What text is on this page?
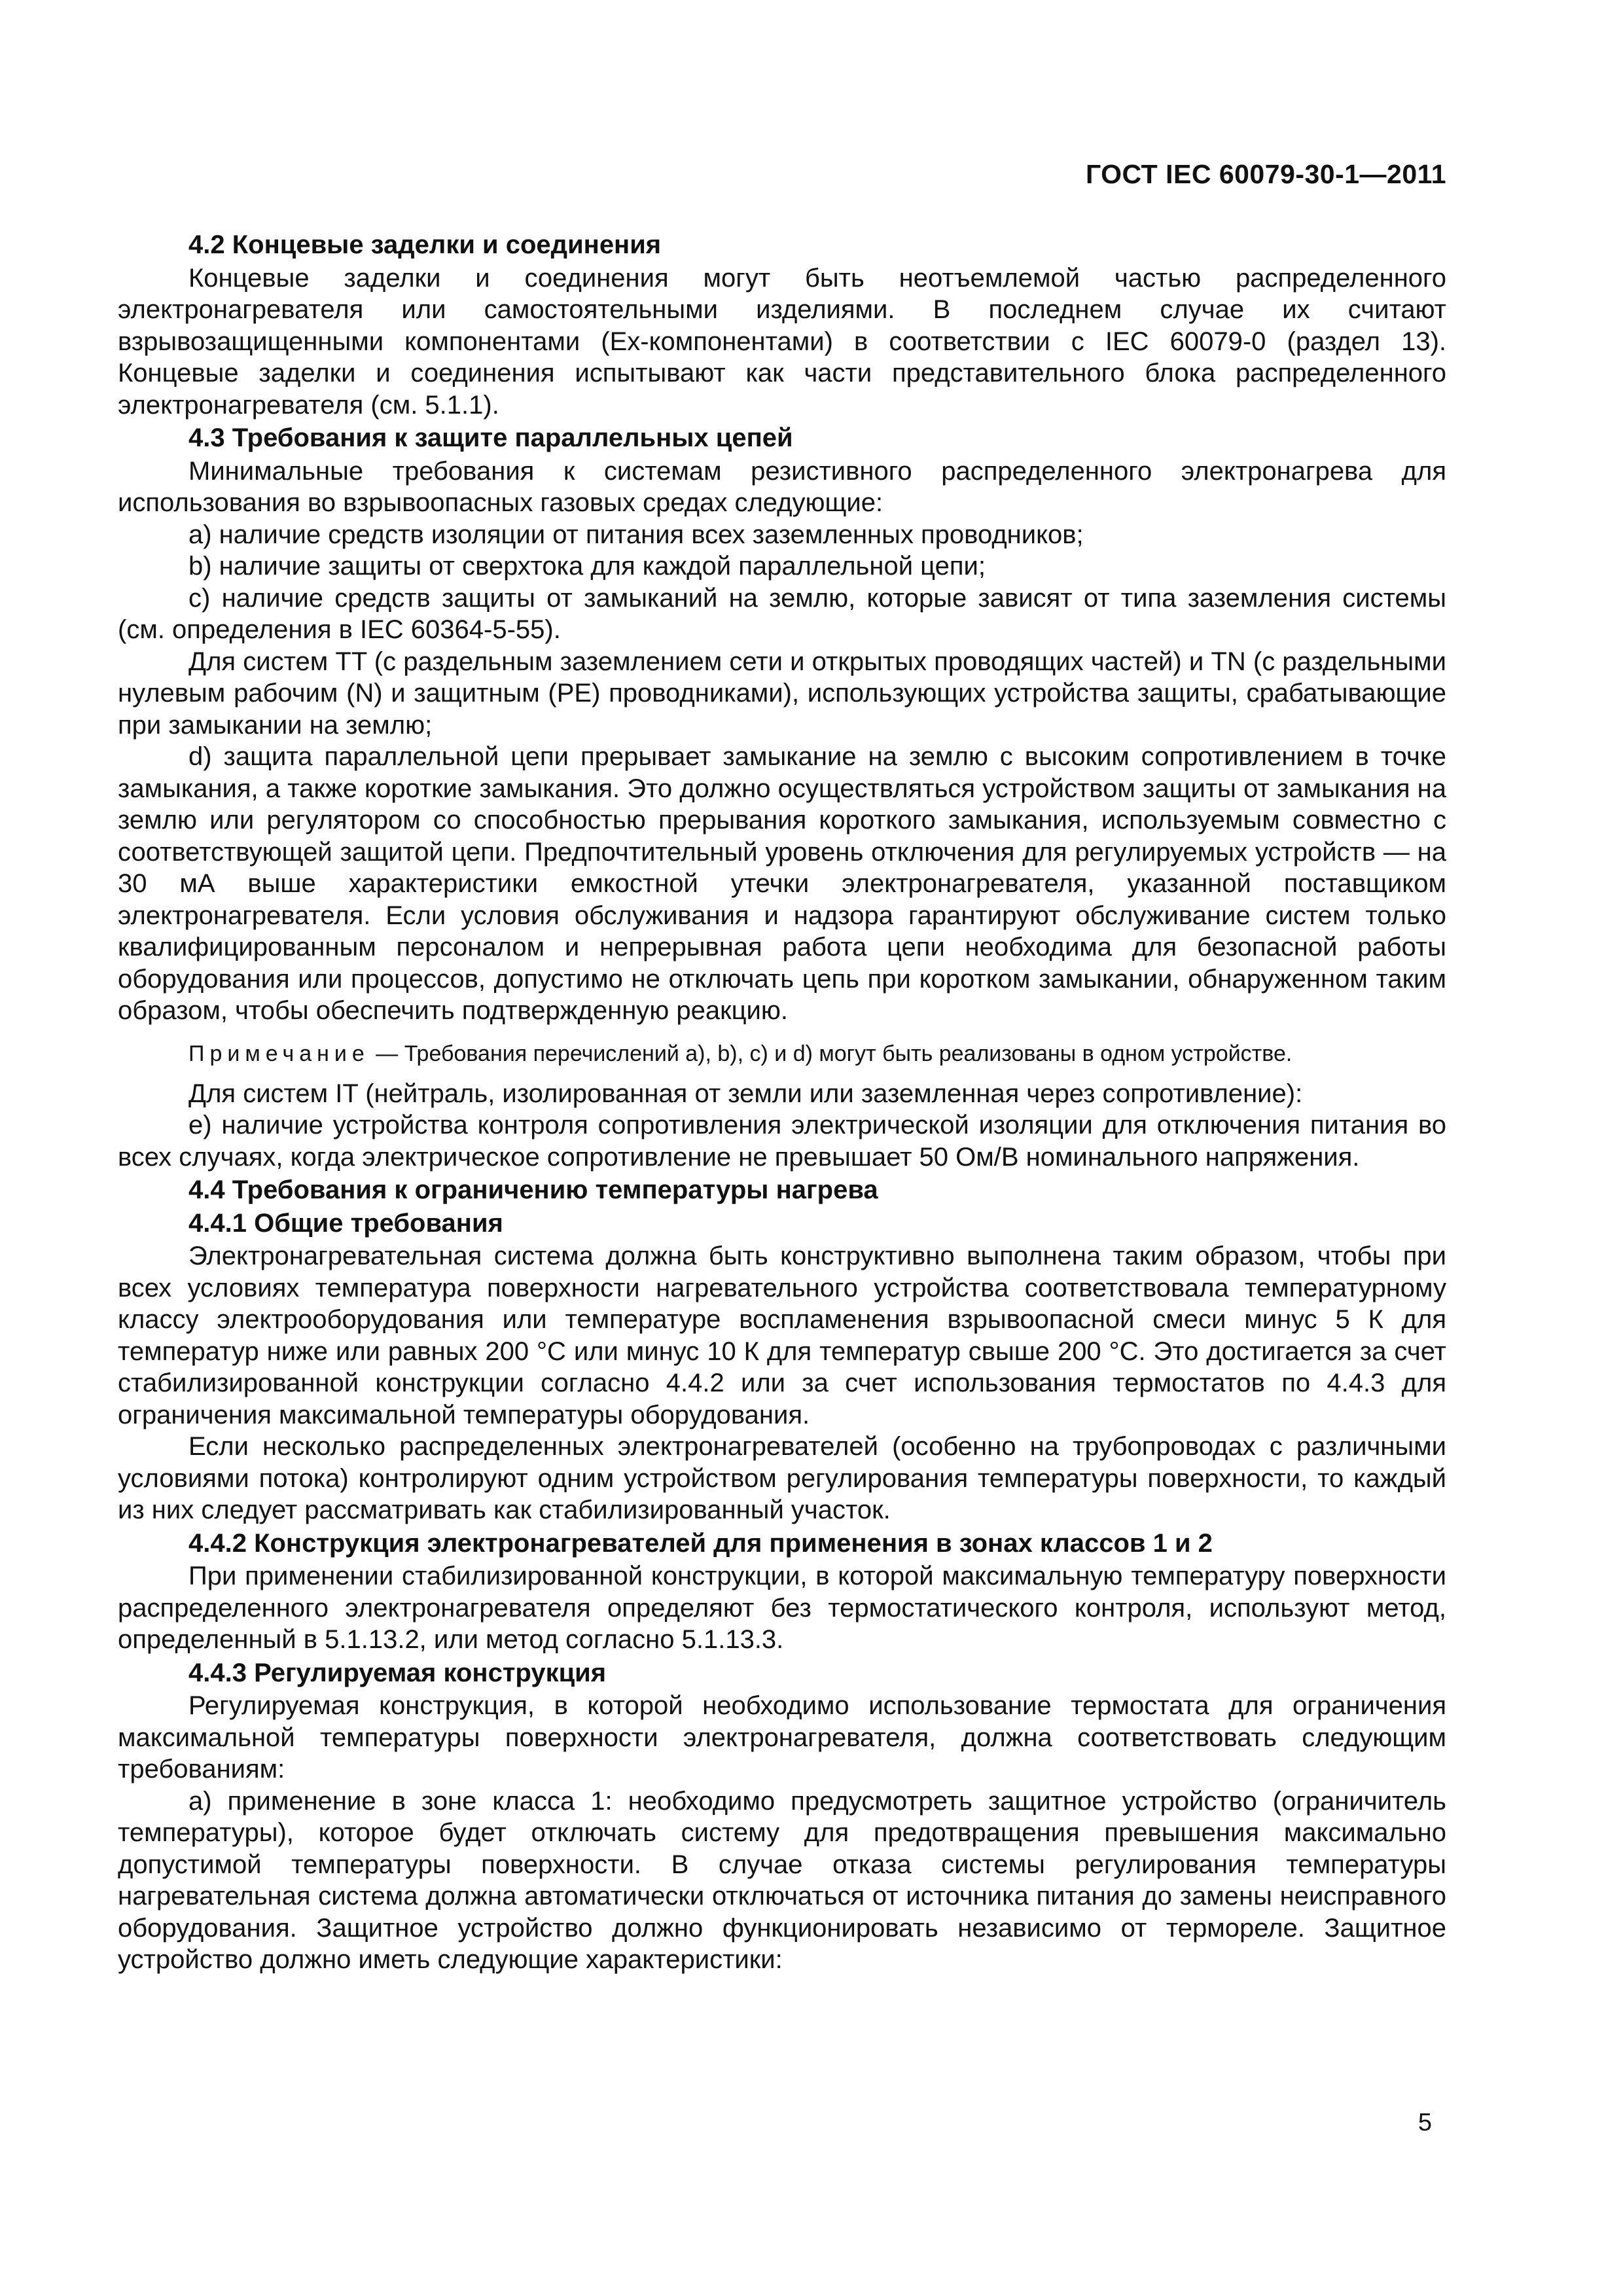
ГОСТ IEC 60079-30-1—2011

4.2 Концевые заделки и соединения

Концевые заделки и соединения могут быть неотъемлемой частью распределенного электронагревателя или самостоятельными изделиями. В последнем случае их считают взрывозащищенными компонентами (Ex-компонентами) в соответствии с IEC 60079-0 (раздел 13). Концевые заделки и соединения испытывают как части представительного блока распределенного электронагревателя (см. 5.1.1).

4.3 Требования к защите параллельных цепей

Минимальные требования к системам резистивного распределенного электронагрева для использования во взрывоопасных газовых средах следующие:

a) наличие средств изоляции от питания всех заземленных проводников;

b) наличие защиты от сверхтока для каждой параллельной цепи;

c) наличие средств защиты от замыканий на землю, которые зависят от типа заземления системы (см. определения в IEC 60364-5-55).

Для систем TT (с раздельным заземлением сети и открытых проводящих частей) и TN (с раздельными нулевым рабочим (N) и защитным (PE) проводниками), использующих устройства защиты, срабатывающие при замыкании на землю;

d) защита параллельной цепи прерывает замыкание на землю с высоким сопротивлением в точке замыкания, а также короткие замыкания. Это должно осуществляться устройством защиты от замыкания на землю или регулятором со способностью прерывания короткого замыкания, используемым совместно с соответствующей защитой цепи. Предпочтительный уровень отключения для регулируемых устройств — на 30 мА выше характеристики емкостной утечки электронагревателя, указанной поставщиком электронагревателя. Если условия обслуживания и надзора гарантируют обслуживание систем только квалифицированным персоналом и непрерывная работа цепи необходима для безопасной работы оборудования или процессов, допустимо не отключать цепь при коротком замыкании, обнаруженном таким образом, чтобы обеспечить подтвержденную реакцию.

Примечание — Требования перечислений a), b), c) и d) могут быть реализованы в одном устройстве.

Для систем IT (нейтраль, изолированная от земли или заземленная через сопротивление):

e) наличие устройства контроля сопротивления электрической изоляции для отключения питания во всех случаях, когда электрическое сопротивление не превышает 50 Ом/В номинального напряжения.

4.4 Требования к ограничению температуры нагрева

4.4.1 Общие требования

Электронагревательная система должна быть конструктивно выполнена таким образом, чтобы при всех условиях температура поверхности нагревательного устройства соответствовала температурному классу электрооборудования или температуре воспламенения взрывоопасной смеси минус 5 К для температур ниже или равных 200 °С или минус 10 К для температур свыше 200 °С. Это достигается за счет стабилизированной конструкции согласно 4.4.2 или за счет использования термостатов по 4.4.3 для ограничения максимальной температуры оборудования.

Если несколько распределенных электронагревателей (особенно на трубопроводах с различными условиями потока) контролируют одним устройством регулирования температуры поверхности, то каждый из них следует рассматривать как стабилизированный участок.

4.4.2 Конструкция электронагревателей для применения в зонах классов 1 и 2

При применении стабилизированной конструкции, в которой максимальную температуру поверхности распределенного электронагревателя определяют без термостатического контроля, используют метод, определенный в 5.1.13.2, или метод согласно 5.1.13.3.

4.4.3 Регулируемая конструкция

Регулируемая конструкция, в которой необходимо использование термостата для ограничения максимальной температуры поверхности электронагревателя, должна соответствовать следующим требованиям:

a) применение в зоне класса 1: необходимо предусмотреть защитное устройство (ограничитель температуры), которое будет отключать систему для предотвращения превышения максимально допустимой температуры поверхности. В случае отказа системы регулирования температуры нагревательная система должна автоматически отключаться от источника питания до замены неисправного оборудования. Защитное устройство должно функционировать независимо от термореле. Защитное устройство должно иметь следующие характеристики:

5
